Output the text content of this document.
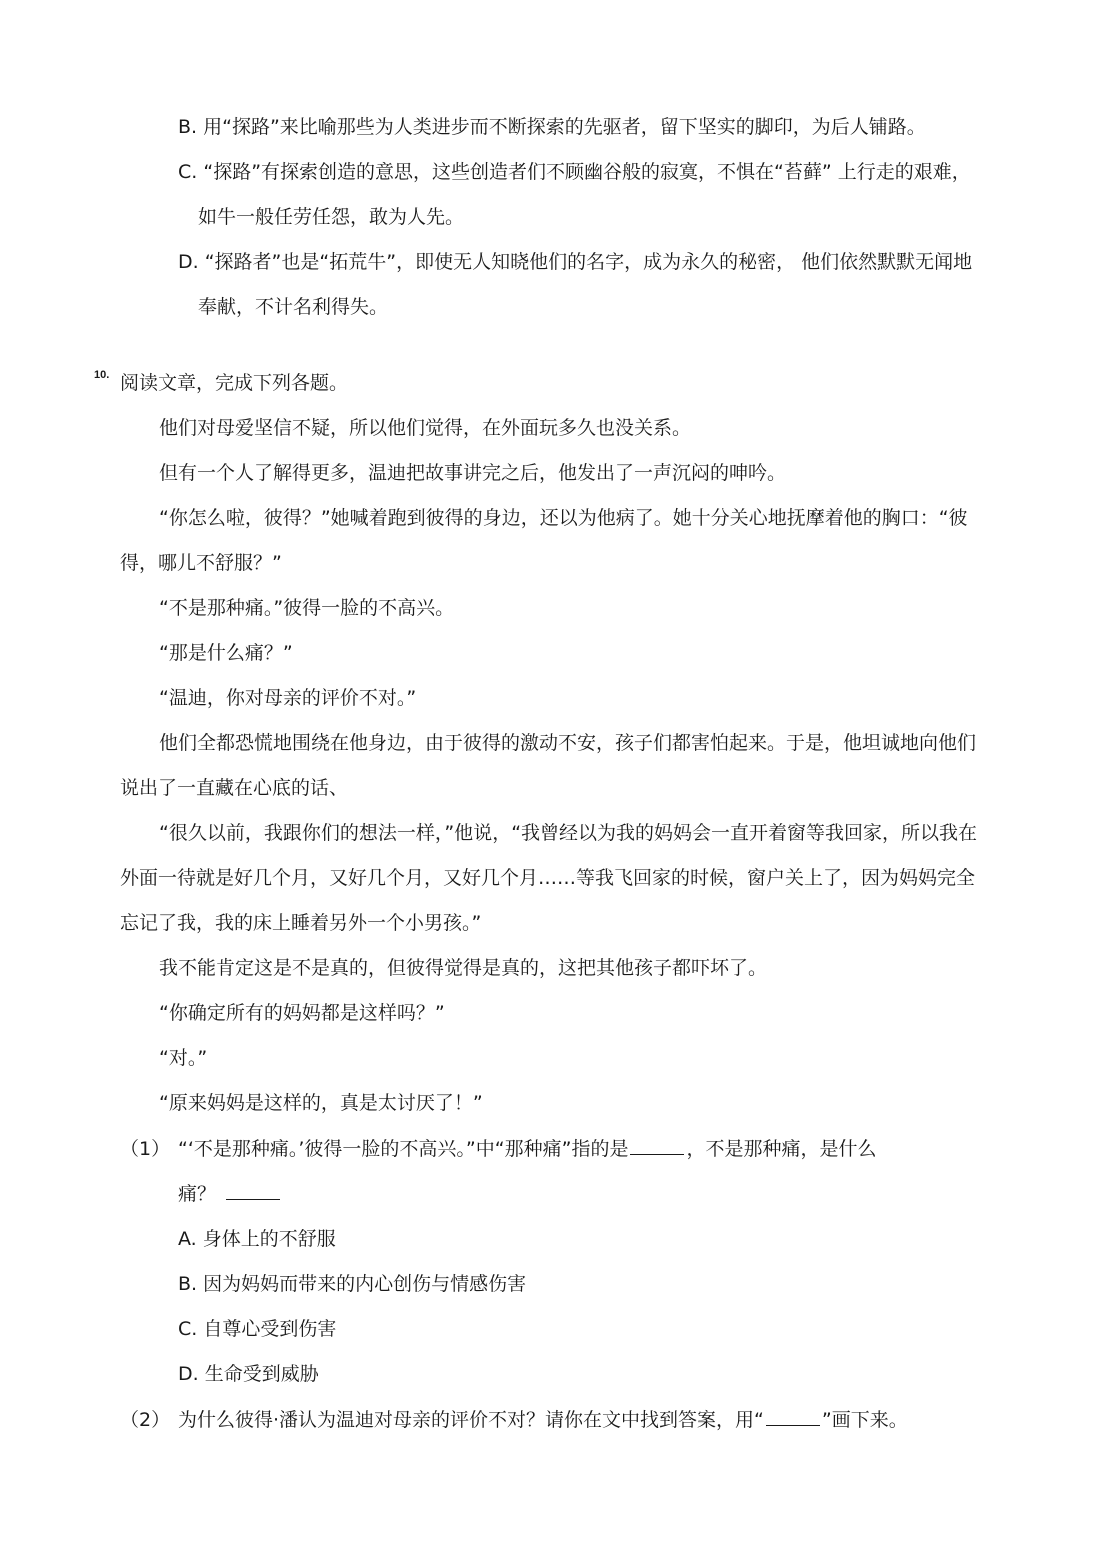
B. 用“探路”来比喻那些为人类进步而不断探索的先驱者，留下坚实的脚印，为后人铺路。
C. “探路”有探索创造的意思，这些创造者们不顾幽谷般的寂寞，不惧在“苔藓” 上行走的艰难，
如牛一般任劳任怨，敢为人先。
D. “探路者”也是“拓荒牛”，即使无人知晓他们的名字，成为永久的秘密， 他们依然默默无闻地
奉献，不计名利得失。
10. 阅读文章，完成下列各题。
他们对母爱坚信不疑，所以他们觉得，在外面玩多久也没关系。
但有一个人了解得更多，温迪把故事讲完之后，他发出了一声沉闷的呻吟。
“你怎么啦，彼得？”她喊着跑到彼得的身边，还以为他病了。她十分关心地抚摩着他的胸口：“彼
得，哪儿不舒服？”
“不是那种痛。”彼得一脸的不高兴。
“那是什么痛？”
“温迪，你对母亲的评价不对。”
他们全都恐慌地围绕在他身边，由于彼得的激动不安，孩子们都害怕起来。于是，他坦诚地向他们
说出了一直藏在心底的话、
“很久以前，我跟你们的想法一样，”他说，“我曾经以为我的妈妈会一直开着窗等我回家，所以我在
外面一待就是好几个月，又好几个月，又好几个月……等我飞回家的时候，窗户关上了，因为妈妈完全
忘记了我，我的床上睡着另外一个小男孩。”
我不能肯定这是不是真的，但彼得觉得是真的，这把其他孩子都吓坏了。
“你确定所有的妈妈都是这样吗？”
“对。”
“原来妈妈是这样的，真是太讨厌了！”
（1） “‘不是那种痛。’彼得一脸的不高兴。”中“那种痛”指的是	，不是那种痛，是什么
痛？
A. 身体上的不舒服
B. 因为妈妈而带来的内心创伤与情感伤害
C. 自尊心受到伤害
D. 生命受到威胁
（2） 为什么彼得·潘认为温迪对母亲的评价不对？请你在文中找到答案，用“	”画下来。
